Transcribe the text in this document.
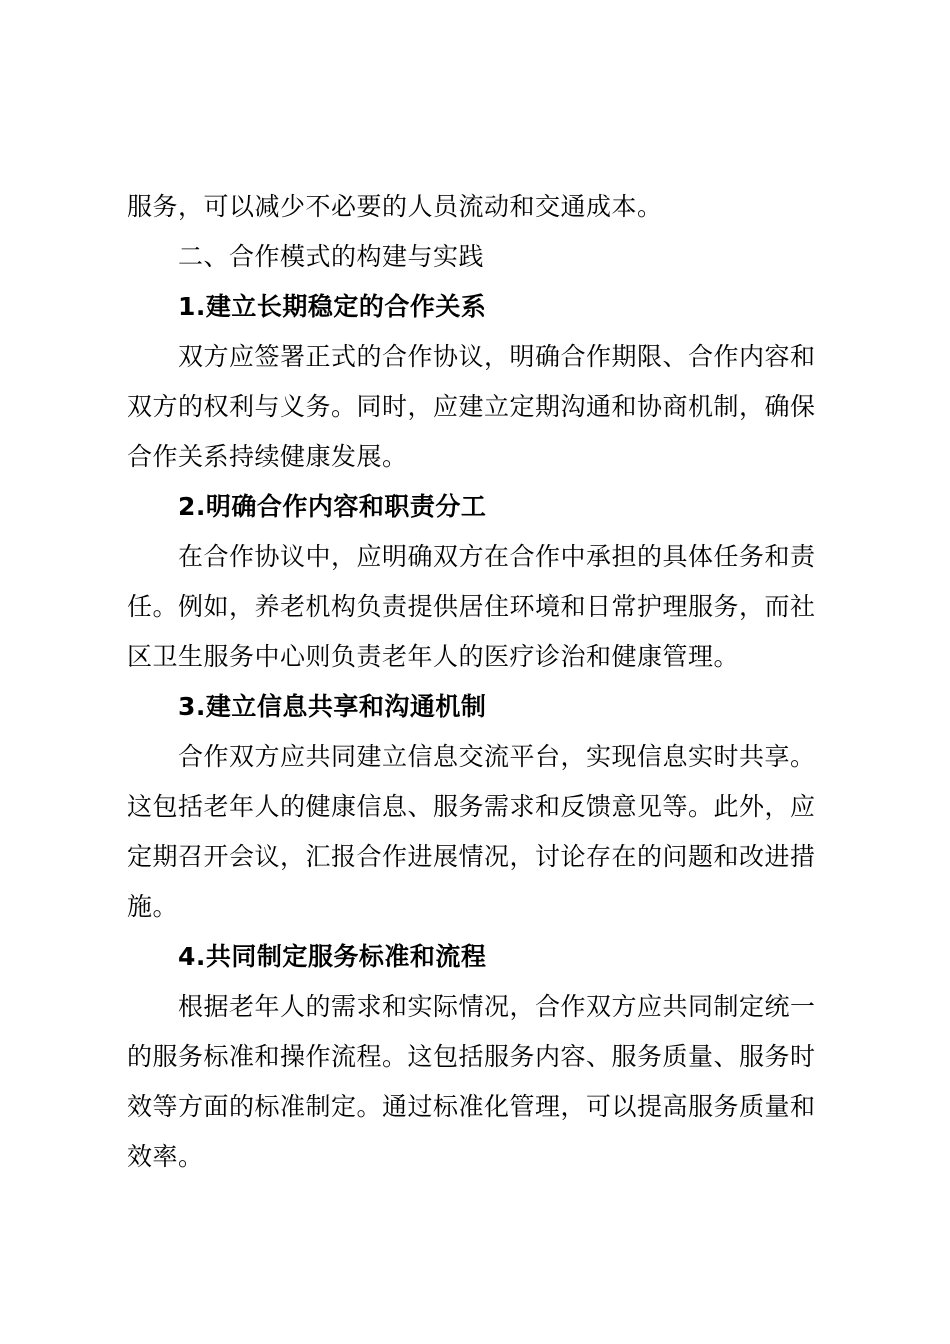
服务，可以减少不必要的人员流动和交通成本。
二、合作模式的构建与实践
1.建立长期稳定的合作关系
双方应签署正式的合作协议，明确合作期限、合作内容和
双方的权利与义务。同时，应建立定期沟通和协商机制，确保
合作关系持续健康发展。
2.明确合作内容和职责分工
在合作协议中，应明确双方在合作中承担的具体任务和责
任。例如，养老机构负责提供居住环境和日常护理服务，而社
区卫生服务中心则负责老年人的医疗诊治和健康管理。
3.建立信息共享和沟通机制
合作双方应共同建立信息交流平台，实现信息实时共享。
这包括老年人的健康信息、服务需求和反馈意见等。此外，应
定期召开会议，汇报合作进展情况，讨论存在的问题和改进措
施。
4.共同制定服务标准和流程
根据老年人的需求和实际情况，合作双方应共同制定统一
的服务标准和操作流程。这包括服务内容、服务质量、服务时
效等方面的标准制定。通过标准化管理，可以提高服务质量和
效率。
